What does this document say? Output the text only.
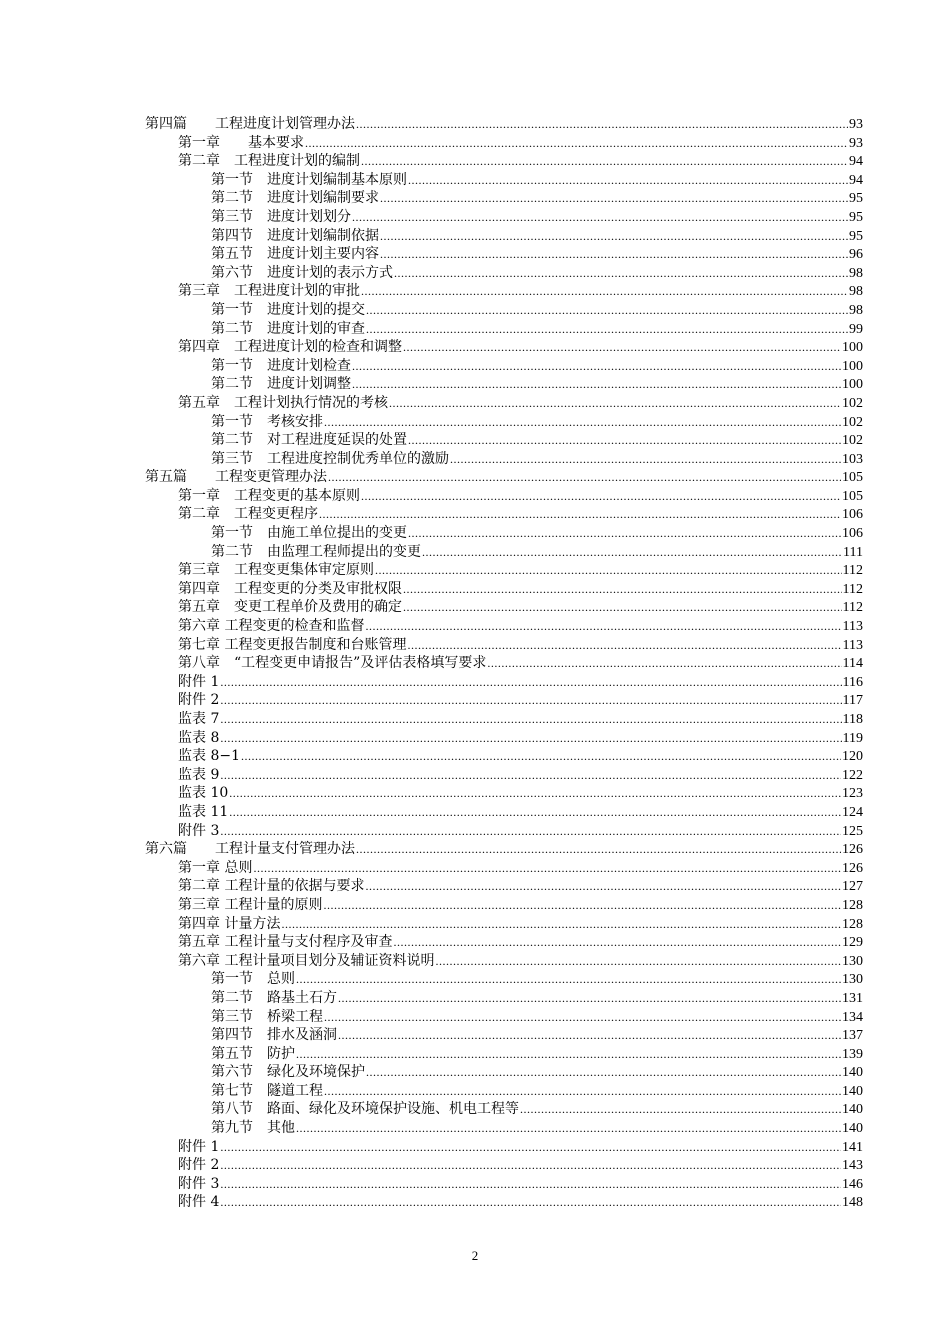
第四篇　　工程进度计划管理办法 .....	93
第一章　　基本要求 .....	93
第二章　工程进度计划的编制 .....	94
第一节　进度计划编制基本原则 .....	94
第二节　进度计划编制要求 .....	95
第三节　进度计划划分 .....	95
第四节　进度计划编制依据 .....	95
第五节　进度计划主要内容 .....	96
第六节　进度计划的表示方式 .....	98
第三章　工程进度计划的审批 .....	98
第一节　进度计划的提交 .....	98
第二节　进度计划的审查 .....	99
第四章　工程进度计划的检查和调整 .....	100
第一节　进度计划检查 .....	100
第二节　进度计划调整 .....	100
第五章　工程计划执行情况的考核 .....	102
第一节　考核安排 .....	102
第二节　对工程进度延误的处置 .....	102
第三节　工程进度控制优秀单位的激励 .....	103
第五篇　　工程变更管理办法 .....	105
第一章　工程变更的基本原则 .....	105
第二章　工程变更程序 .....	106
第一节　由施工单位提出的变更 .....	106
第二节　由监理工程师提出的变更 .....	111
第三章　工程变更集体审定原则 .....	112
第四章　工程变更的分类及审批权限 .....	112
第五章　变更工程单价及费用的确定 .....	112
第六章 工程变更的检查和监督 .....	113
第七章 工程变更报告制度和台账管理 .....	113
第八章　“工程变更申请报告”及评估表格填写要求 .....	114
附件 1 .....	116
附件 2 .....	117
监表 7 .....	118
监表 8 .....	119
监表 8−1 .....	120
监表 9 .....	122
监表 10 .....	123
监表 11 .....	124
附件 3 .....	125
第六篇　　工程计量支付管理办法 .....	126
第一章 总则 .....	126
第二章 工程计量的依据与要求 .....	127
第三章 工程计量的原则 .....	128
第四章 计量方法 .....	128
第五章 工程计量与支付程序及审查 .....	129
第六章 工程计量项目划分及辅证资料说明 .....	130
第一节　总则 .....	130
第二节　路基土石方 .....	131
第三节　桥梁工程 .....	134
第四节　排水及涵洞 .....	137
第五节　防护 .....	139
第六节　绿化及环境保护 .....	140
第七节　隧道工程 .....	140
第八节　路面、绿化及环境保护设施、机电工程等 .....	140
第九节　其他 .....	140
附件 1 .....	141
附件 2 .....	143
附件 3 .....	146
附件 4 .....	148
2
